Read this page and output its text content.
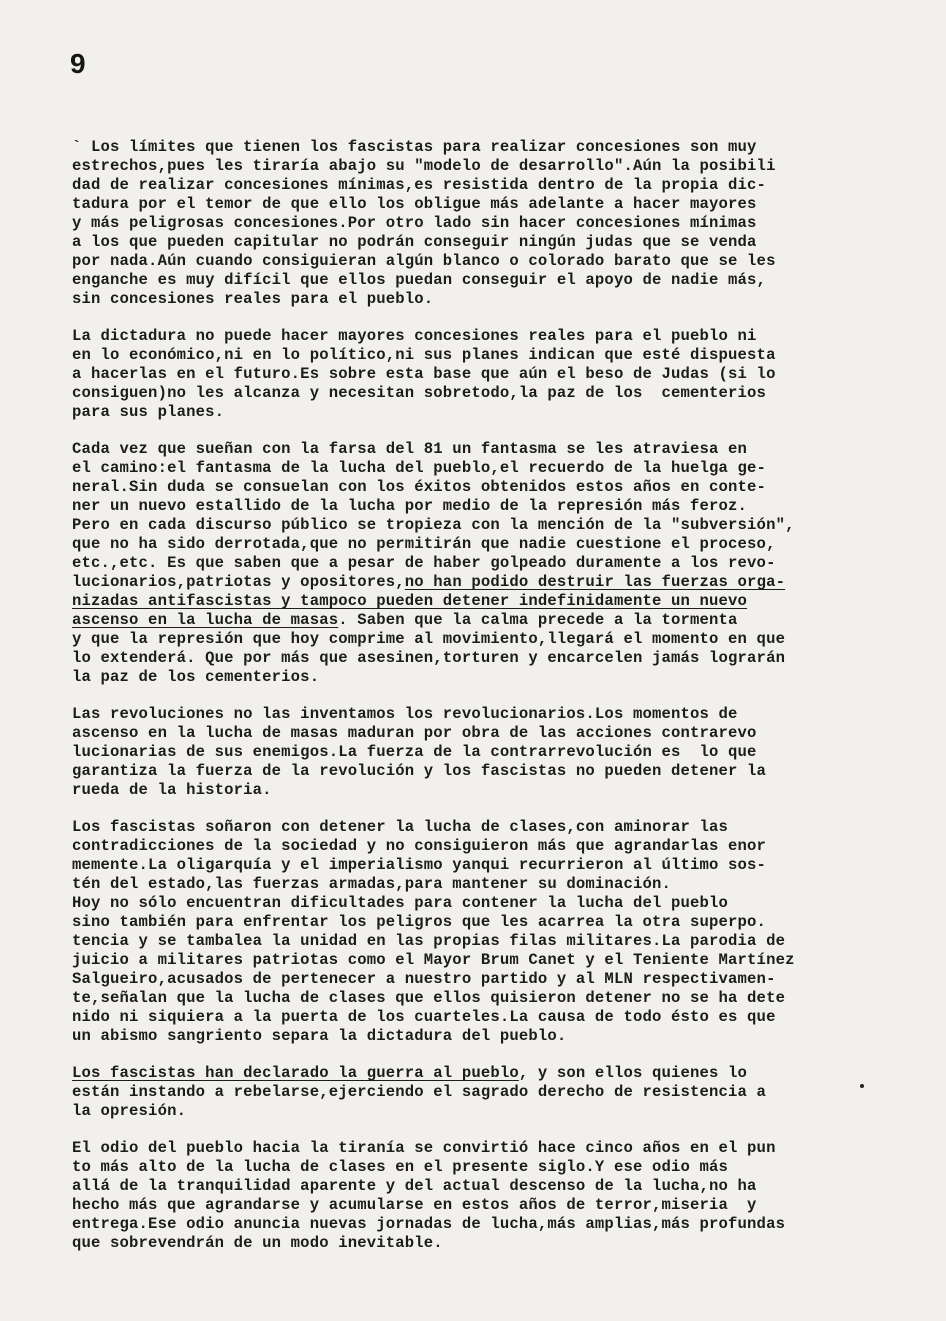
9
` Los límites que tienen los fascistas para realizar concesiones son muy
estrechos,pues les tiraría abajo su "modelo de desarrollo".Aún la posibili
dad de realizar concesiones mínimas,es resistida dentro de la propia dic-
tadura por el temor de que ello los obligue más adelante a hacer mayores
y más peligrosas concesiones.Por otro lado sin hacer concesiones mínimas
a los que pueden capitular no podrán conseguir ningún judas que se venda
por nada.Aún cuando consiguieran algún blanco o colorado barato que se les
enganche es muy difícil que ellos puedan conseguir el apoyo de nadie más,
sin concesiones reales para el pueblo.
La dictadura no puede hacer mayores concesiones reales para el pueblo ni
en lo económico,ni en lo político,ni sus planes indican que esté dispuesta
a hacerlas en el futuro.Es sobre esta base que aún el beso de Judas (si lo
consiguen)no les alcanza y necesitan sobretodo,la paz de los  cementerios
para sus planes.
Cada vez que sueñan con la farsa del 81 un fantasma se les atraviesa en
el camino:el fantasma de la lucha del pueblo,el recuerdo de la huelga ge-
neral.Sin duda se consuelan con los éxitos obtenidos estos años en conte-
ner un nuevo estallido de la lucha por medio de la represión más feroz.
Pero en cada discurso público se tropieza con la mención de la "subversión",
que no ha sido derrotada,que no permitirán que nadie cuestione el proceso,
etc.,etc. Es que saben que a pesar de haber golpeado duramente a los revo-
lucionarios,patriotas y opositores,no han podido destruir las fuerzas orga-
nizadas antifascistas y tampoco pueden detener indefinidamente un nuevo
ascenso en la lucha de masas. Saben que la calma precede a la tormenta
y que la represión que hoy comprime al movimiento,llegará el momento en que
lo extenderá. Que por más que asesinen,torturen y encarcelen jamás lograrán
la paz de los cementerios.
Las revoluciones no las inventamos los revolucionarios.Los momentos de
ascenso en la lucha de masas maduran por obra de las acciones contrarevo
lucionarias de sus enemigos.La fuerza de la contrarrevolución es  lo que
garantiza la fuerza de la revolución y los fascistas no pueden detener la
rueda de la historia.
Los fascistas soñaron con detener la lucha de clases,con aminorar las
contradicciones de la sociedad y no consiguieron más que agrandarlas enor
memente.La oligarquía y el imperialismo yanqui recurrieron al último sos-
tén del estado,las fuerzas armadas,para mantener su dominación.
Hoy no sólo encuentran dificultades para contener la lucha del pueblo
sino también para enfrentar los peligros que les acarrea la otra superpo.
tencia y se tambalea la unidad en las propias filas militares.La parodia de
juicio a militares patriotas como el Mayor Brum Canet y el Teniente Martínez
Salgueiro,acusados de pertenecer a nuestro partido y al MLN respectivamen-
te,señalan que la lucha de clases que ellos quisieron detener no se ha dete
nido ni siquiera a la puerta de los cuarteles.La causa de todo ésto es que
un abismo sangriento separa la dictadura del pueblo.
Los fascistas han declarado la guerra al pueblo, y son ellos quienes lo
están instando a rebelarse,ejerciendo el sagrado derecho de resistencia a
la opresión.
El odio del pueblo hacia la tiranía se convirtió hace cinco años en el pun
to más alto de la lucha de clases en el presente siglo.Y ese odio más
allá de la tranquilidad aparente y del actual descenso de la lucha,no ha
hecho más que agrandarse y acumularse en estos años de terror,miseria  y
entrega.Ese odio anuncia nuevas jornadas de lucha,más amplias,más profundas
que sobrevendrán de un modo inevitable.
